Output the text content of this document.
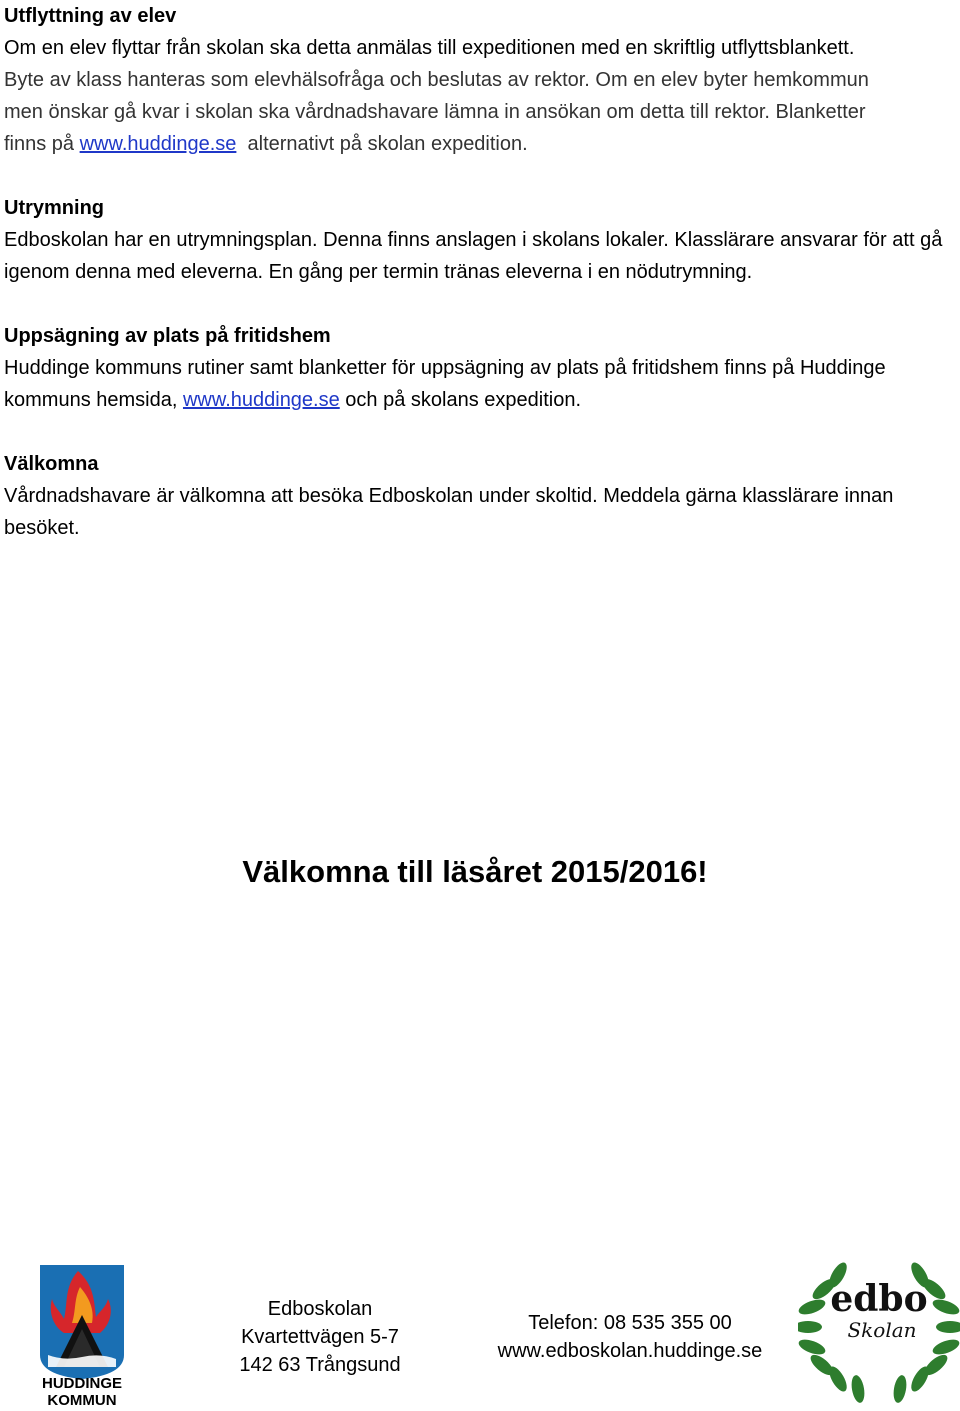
Utflyttning av elev

Om en elev flyttar från skolan ska detta anmälas till expeditionen med en skriftlig utflyttsblankett.

Byte av klass hanteras som elevhälsofråga och beslutas av rektor. Om en elev byter hemkommun

men önskar gå kvar i skolan ska vårdnadshavare lämna in ansökan om detta till rektor. Blanketter

finns på www.huddinge.se  alternativt på skolan expedition.

Utrymning

Edboskolan har en utrymningsplan. Denna finns anslagen i skolans lokaler. Klasslärare ansvarar för att gå igenom denna med eleverna. En gång per termin tränas eleverna i en nödutrymning.

Uppsägning av plats på fritidshem

Huddinge kommuns rutiner samt blanketter för uppsägning av plats på fritidshem finns på Huddinge kommuns hemsida, www.huddinge.se och på skolans expedition.

Välkomna

Vårdnadshavare är välkomna att besöka Edboskolan under skoltid. Meddela gärna klasslärare innan besöket.

Välkomna till läsåret 2015/2016!
HUDDINGE
KOMMUN
Edboskolan
Kvartettvägen 5-7
142 63 Trångsund
Telefon: 08 535 355 00
www.edboskolan.huddinge.se
edbo
Skolan
